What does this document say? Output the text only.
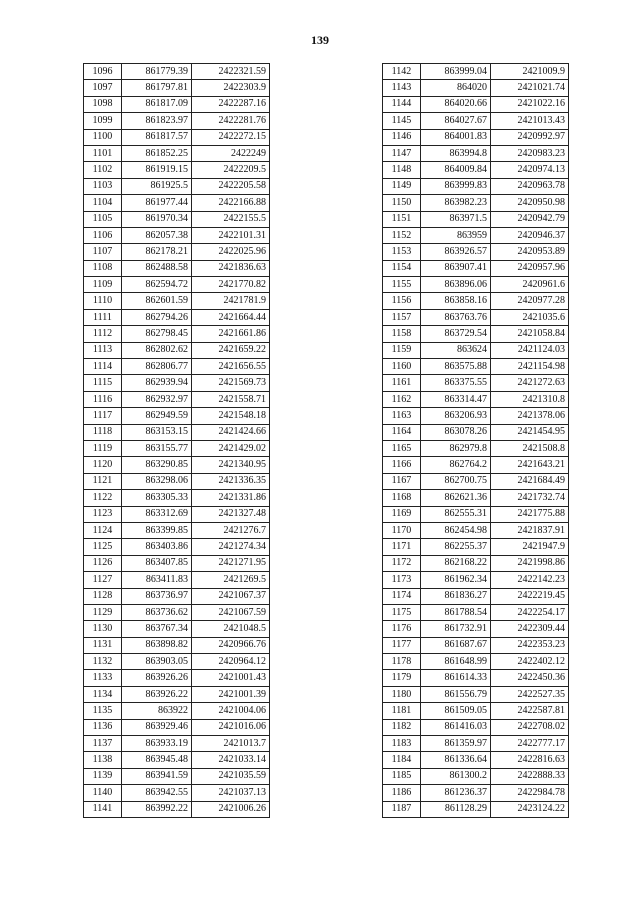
139
1096	861779.39	2422321.59
1097	861797.81	2422303.9
1098	861817.09	2422287.16
1099	861823.97	2422281.76
1100	861817.57	2422272.15
1101	861852.25	2422249
1102	861919.15	2422209.5
1103	861925.5	2422205.58
1104	861977.44	2422166.88
1105	861970.34	2422155.5
1106	862057.38	2422101.31
1107	862178.21	2422025.96
1108	862488.58	2421836.63
1109	862594.72	2421770.82
1110	862601.59	2421781.9
1111	862794.26	2421664.44
1112	862798.45	2421661.86
1113	862802.62	2421659.22
1114	862806.77	2421656.55
1115	862939.94	2421569.73
1116	862932.97	2421558.71
1117	862949.59	2421548.18
1118	863153.15	2421424.66
1119	863155.77	2421429.02
1120	863290.85	2421340.95
1121	863298.06	2421336.35
1122	863305.33	2421331.86
1123	863312.69	2421327.48
1124	863399.85	2421276.7
1125	863403.86	2421274.34
1126	863407.85	2421271.95
1127	863411.83	2421269.5
1128	863736.97	2421067.37
1129	863736.62	2421067.59
1130	863767.34	2421048.5
1131	863898.82	2420966.76
1132	863903.05	2420964.12
1133	863926.26	2421001.43
1134	863926.22	2421001.39
1135	863922	2421004.06
1136	863929.46	2421016.06
1137	863933.19	2421013.7
1138	863945.48	2421033.14
1139	863941.59	2421035.59
1140	863942.55	2421037.13
1141	863992.22	2421006.26
1142	863999.04	2421009.9
1143	864020	2421021.74
1144	864020.66	2421022.16
1145	864027.67	2421013.43
1146	864001.83	2420992.97
1147	863994.8	2420983.23
1148	864009.84	2420974.13
1149	863999.83	2420963.78
1150	863982.23	2420950.98
1151	863971.5	2420942.79
1152	863959	2420946.37
1153	863926.57	2420953.89
1154	863907.41	2420957.96
1155	863896.06	2420961.6
1156	863858.16	2420977.28
1157	863763.76	2421035.6
1158	863729.54	2421058.84
1159	863624	2421124.03
1160	863575.88	2421154.98
1161	863375.55	2421272.63
1162	863314.47	2421310.8
1163	863206.93	2421378.06
1164	863078.26	2421454.95
1165	862979.8	2421508.8
1166	862764.2	2421643.21
1167	862700.75	2421684.49
1168	862621.36	2421732.74
1169	862555.31	2421775.88
1170	862454.98	2421837.91
1171	862255.37	2421947.9
1172	862168.22	2421998.86
1173	861962.34	2422142.23
1174	861836.27	2422219.45
1175	861788.54	2422254.17
1176	861732.91	2422309.44
1177	861687.67	2422353.23
1178	861648.99	2422402.12
1179	861614.33	2422450.36
1180	861556.79	2422527.35
1181	861509.05	2422587.81
1182	861416.03	2422708.02
1183	861359.97	2422777.17
1184	861336.64	2422816.63
1185	861300.2	2422888.33
1186	861236.37	2422984.78
1187	861128.29	2423124.22
